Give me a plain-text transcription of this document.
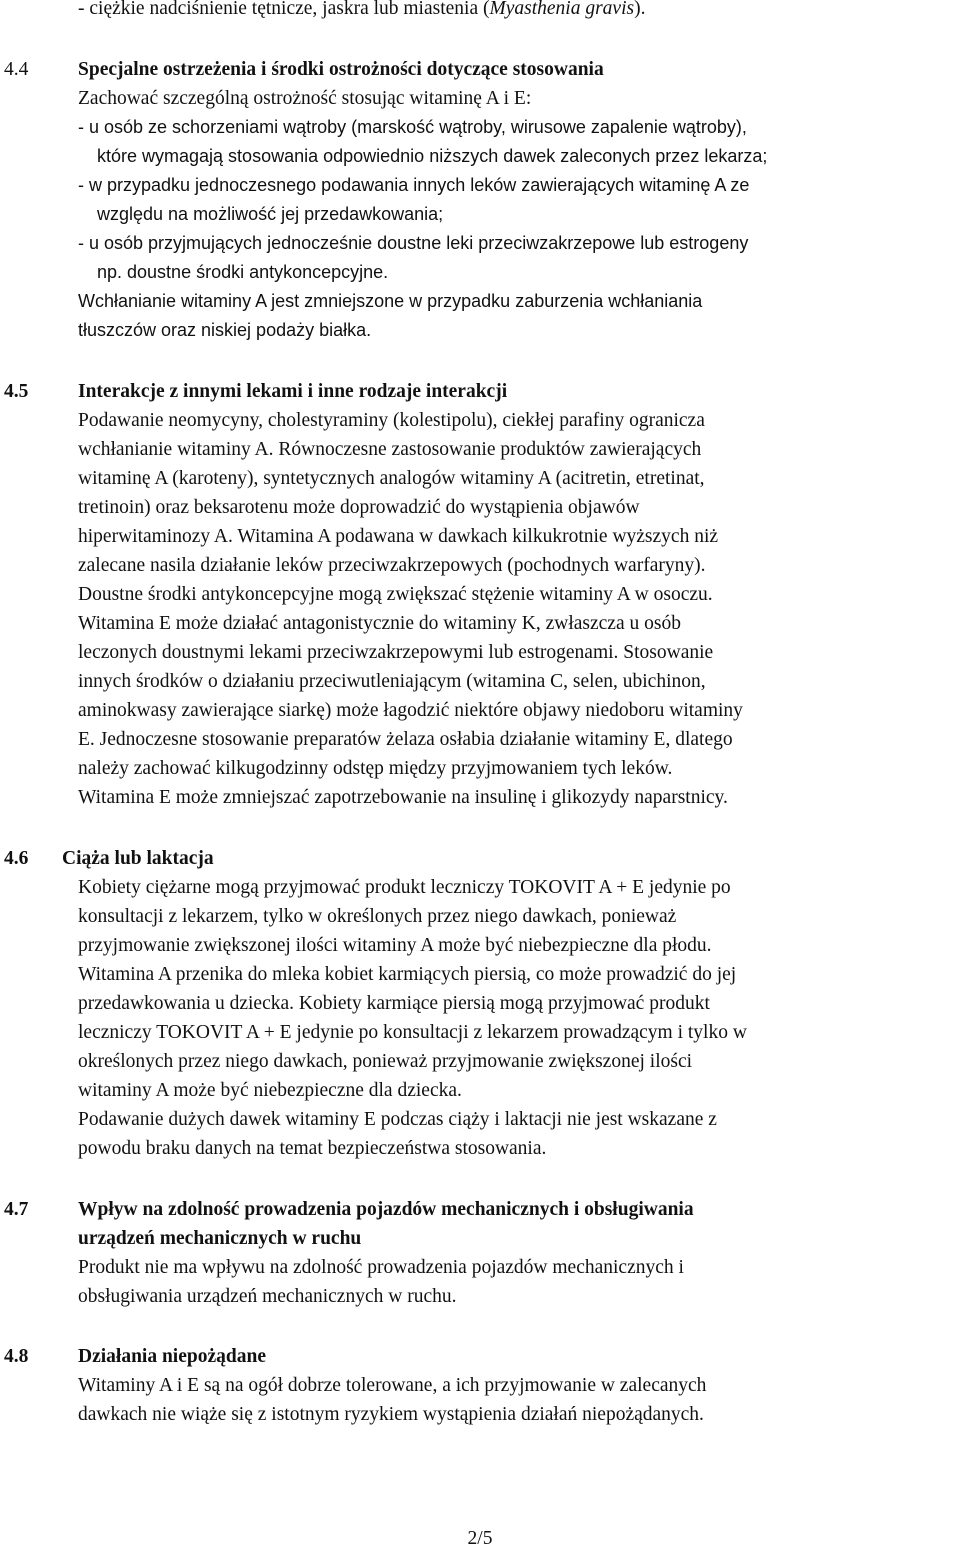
- ciężkie nadciśnienie tętnicze, jaskra lub miastenia (Myasthenia gravis).
4.4	Specjalne ostrzeżenia i środki ostrożności dotyczące stosowania
Zachować szczególną ostrożność stosując witaminę A i E:
- u osób ze schorzeniami wątroby (marskość wątroby, wirusowe zapalenie wątroby),
które wymagają stosowania odpowiednio niższych dawek zaleconych przez lekarza;
- w przypadku jednoczesnego podawania innych leków zawierających witaminę A ze
względu na możliwość jej przedawkowania;
- u osób przyjmujących jednocześnie doustne leki przeciwzakrzepowe lub estrogeny
np. doustne środki antykoncepcyjne.
Wchłanianie witaminy A jest zmniejszone w przypadku zaburzenia wchłaniania
tłuszczów oraz niskiej podaży białka.
4.5	Interakcje z innymi lekami i inne rodzaje interakcji
Podawanie neomycyny, cholestyraminy (kolestipolu), ciekłej parafiny ogranicza
wchłanianie witaminy A. Równoczesne zastosowanie produktów zawierających
witaminę A (karoteny), syntetycznych analogów witaminy A (acitretin, etretinat,
tretinoin) oraz beksarotenu może doprowadzić do wystąpienia objawów
hiperwitaminozy A. Witamina A podawana w dawkach kilkukrotnie wyższych niż
zalecane nasila działanie leków przeciwzakrzepowych (pochodnych warfaryny).
Doustne środki antykoncepcyjne mogą zwiększać stężenie witaminy A w osoczu.
Witamina E może działać antagonistycznie do witaminy K, zwłaszcza u osób
leczonych doustnymi lekami przeciwzakrzepowymi lub estrogenami. Stosowanie
innych środków o działaniu przeciwutleniającym (witamina C, selen, ubichinon,
aminokwasy zawierające siarkę) może łagodzić niektóre objawy niedoboru witaminy
E. Jednoczesne stosowanie preparatów żelaza osłabia działanie witaminy E, dlatego
należy zachować kilkugodzinny odstęp między przyjmowaniem tych leków.
Witamina E może zmniejszać zapotrzebowanie na insulinę i glikozydy naparstnicy.
4.6 Ciąża lub laktacja
Kobiety ciężarne mogą przyjmować produkt leczniczy TOKOVIT A + E jedynie po
konsultacji z lekarzem, tylko w określonych przez niego dawkach, ponieważ
przyjmowanie zwiększonej ilości witaminy A może być niebezpieczne dla płodu.
Witamina A przenika do mleka kobiet karmiących piersią, co może prowadzić do jej
przedawkowania u dziecka. Kobiety karmiące piersią mogą przyjmować produkt
leczniczy TOKOVIT A + E jedynie po konsultacji z lekarzem prowadzącym i tylko w
określonych przez niego dawkach, ponieważ przyjmowanie zwiększonej ilości
witaminy A może być niebezpieczne dla dziecka.
Podawanie dużych dawek witaminy E podczas ciąży i laktacji nie jest wskazane z
powodu braku danych na temat bezpieczeństwa stosowania.
4.7	Wpływ na zdolność prowadzenia pojazdów mechanicznych i obsługiwania
urządzeń mechanicznych w ruchu
Produkt nie ma wpływu na zdolność prowadzenia pojazdów mechanicznych i
obsługiwania urządzeń mechanicznych w ruchu.
4.8	Działania niepożądane
Witaminy A i E są na ogół dobrze tolerowane, a ich przyjmowanie w zalecanych
dawkach nie wiąże się z istotnym ryzykiem wystąpienia działań niepożądanych.
2/5
